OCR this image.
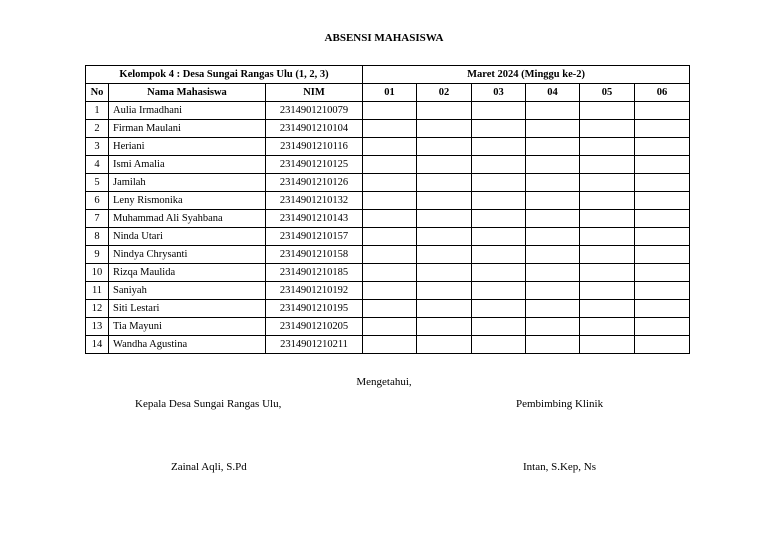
ABSENSI MAHASISWA
Kelompok 4 : Desa Sungai Rangas Ulu (1, 2, 3)			Maret 2024 (Minggu ke-2)					
No	Nama Mahasiswa	NIM	01	02	03	04	05	06
1	Aulia Irmadhani	2314901210079						
2	Firman Maulani	2314901210104						
3	Heriani	2314901210116						
4	Ismi Amalia	2314901210125						
5	Jamilah	2314901210126						
6	Leny Rismonika	2314901210132						
7	Muhammad Ali Syahbana	2314901210143						
8	Ninda Utari	2314901210157						
9	Nindya Chrysanti	2314901210158						
10	Rizqa Maulida	2314901210185						
11	Saniyah	2314901210192						
12	Siti Lestari	2314901210195						
13	Tia Mayuni	2314901210205						
14	Wandha Agustina	2314901210211						
Mengetahui,
Kepala Desa Sungai Rangas Ulu,	Pembimbing Klinik
Zainal Aqli, S.Pd	Intan, S.Kep, Ns
